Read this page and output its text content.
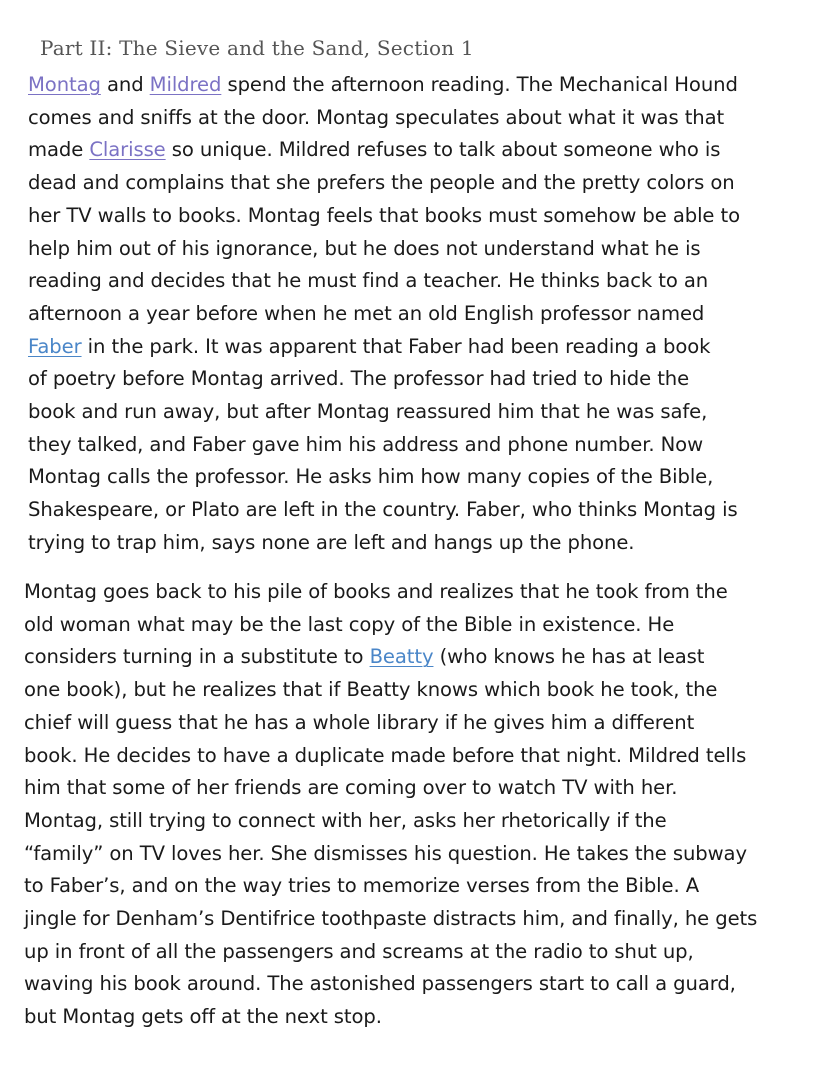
Part II: The Sieve and the Sand, Section 1
Montag and Mildred spend the afternoon reading. The Mechanical Hound
comes and sniffs at the door. Montag speculates about what it was that
made Clarisse so unique. Mildred refuses to talk about someone who is
dead and complains that she prefers the people and the pretty colors on
her TV walls to books. Montag feels that books must somehow be able to
help him out of his ignorance, but he does not understand what he is
reading and decides that he must find a teacher. He thinks back to an
afternoon a year before when he met an old English professor named
Faber in the park. It was apparent that Faber had been reading a book
of poetry before Montag arrived. The professor had tried to hide the
book and run away, but after Montag reassured him that he was safe,
they talked, and Faber gave him his address and phone number. Now
Montag calls the professor. He asks him how many copies of the Bible,
Shakespeare, or Plato are left in the country. Faber, who thinks Montag is
trying to trap him, says none are left and hangs up the phone.
Montag goes back to his pile of books and realizes that he took from the
old woman what may be the last copy of the Bible in existence. He
considers turning in a substitute to Beatty (who knows he has at least
one book), but he realizes that if Beatty knows which book he took, the
chief will guess that he has a whole library if he gives him a different
book. He decides to have a duplicate made before that night. Mildred tells
him that some of her friends are coming over to watch TV with her.
Montag, still trying to connect with her, asks her rhetorically if the
“family” on TV loves her. She dismisses his question. He takes the subway
to Faber’s, and on the way tries to memorize verses from the Bible. A
jingle for Denham’s Dentifrice toothpaste distracts him, and finally, he gets
up in front of all the passengers and screams at the radio to shut up,
waving his book around. The astonished passengers start to call a guard,
but Montag gets off at the next stop.
